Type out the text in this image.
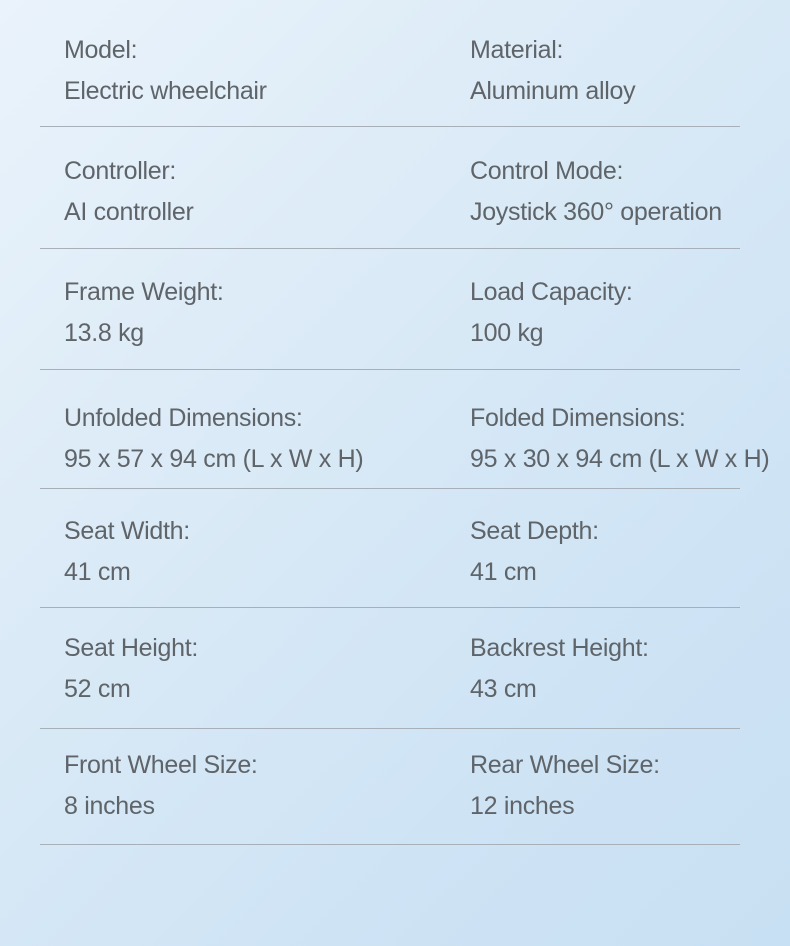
Model:
Electric wheelchair
Material:
Aluminum alloy
Controller:
AI controller
Control Mode:
Joystick 360° operation
Frame Weight:
13.8 kg
Load Capacity:
100 kg
Unfolded Dimensions:
95 x 57 x 94 cm (L x W x H)
Folded Dimensions:
95 x 30 x 94 cm (L x W x H)
Seat Width:
41 cm
Seat Depth:
41 cm
Seat Height:
52 cm
Backrest Height:
43 cm
Front Wheel Size:
8 inches
Rear Wheel Size:
12 inches
